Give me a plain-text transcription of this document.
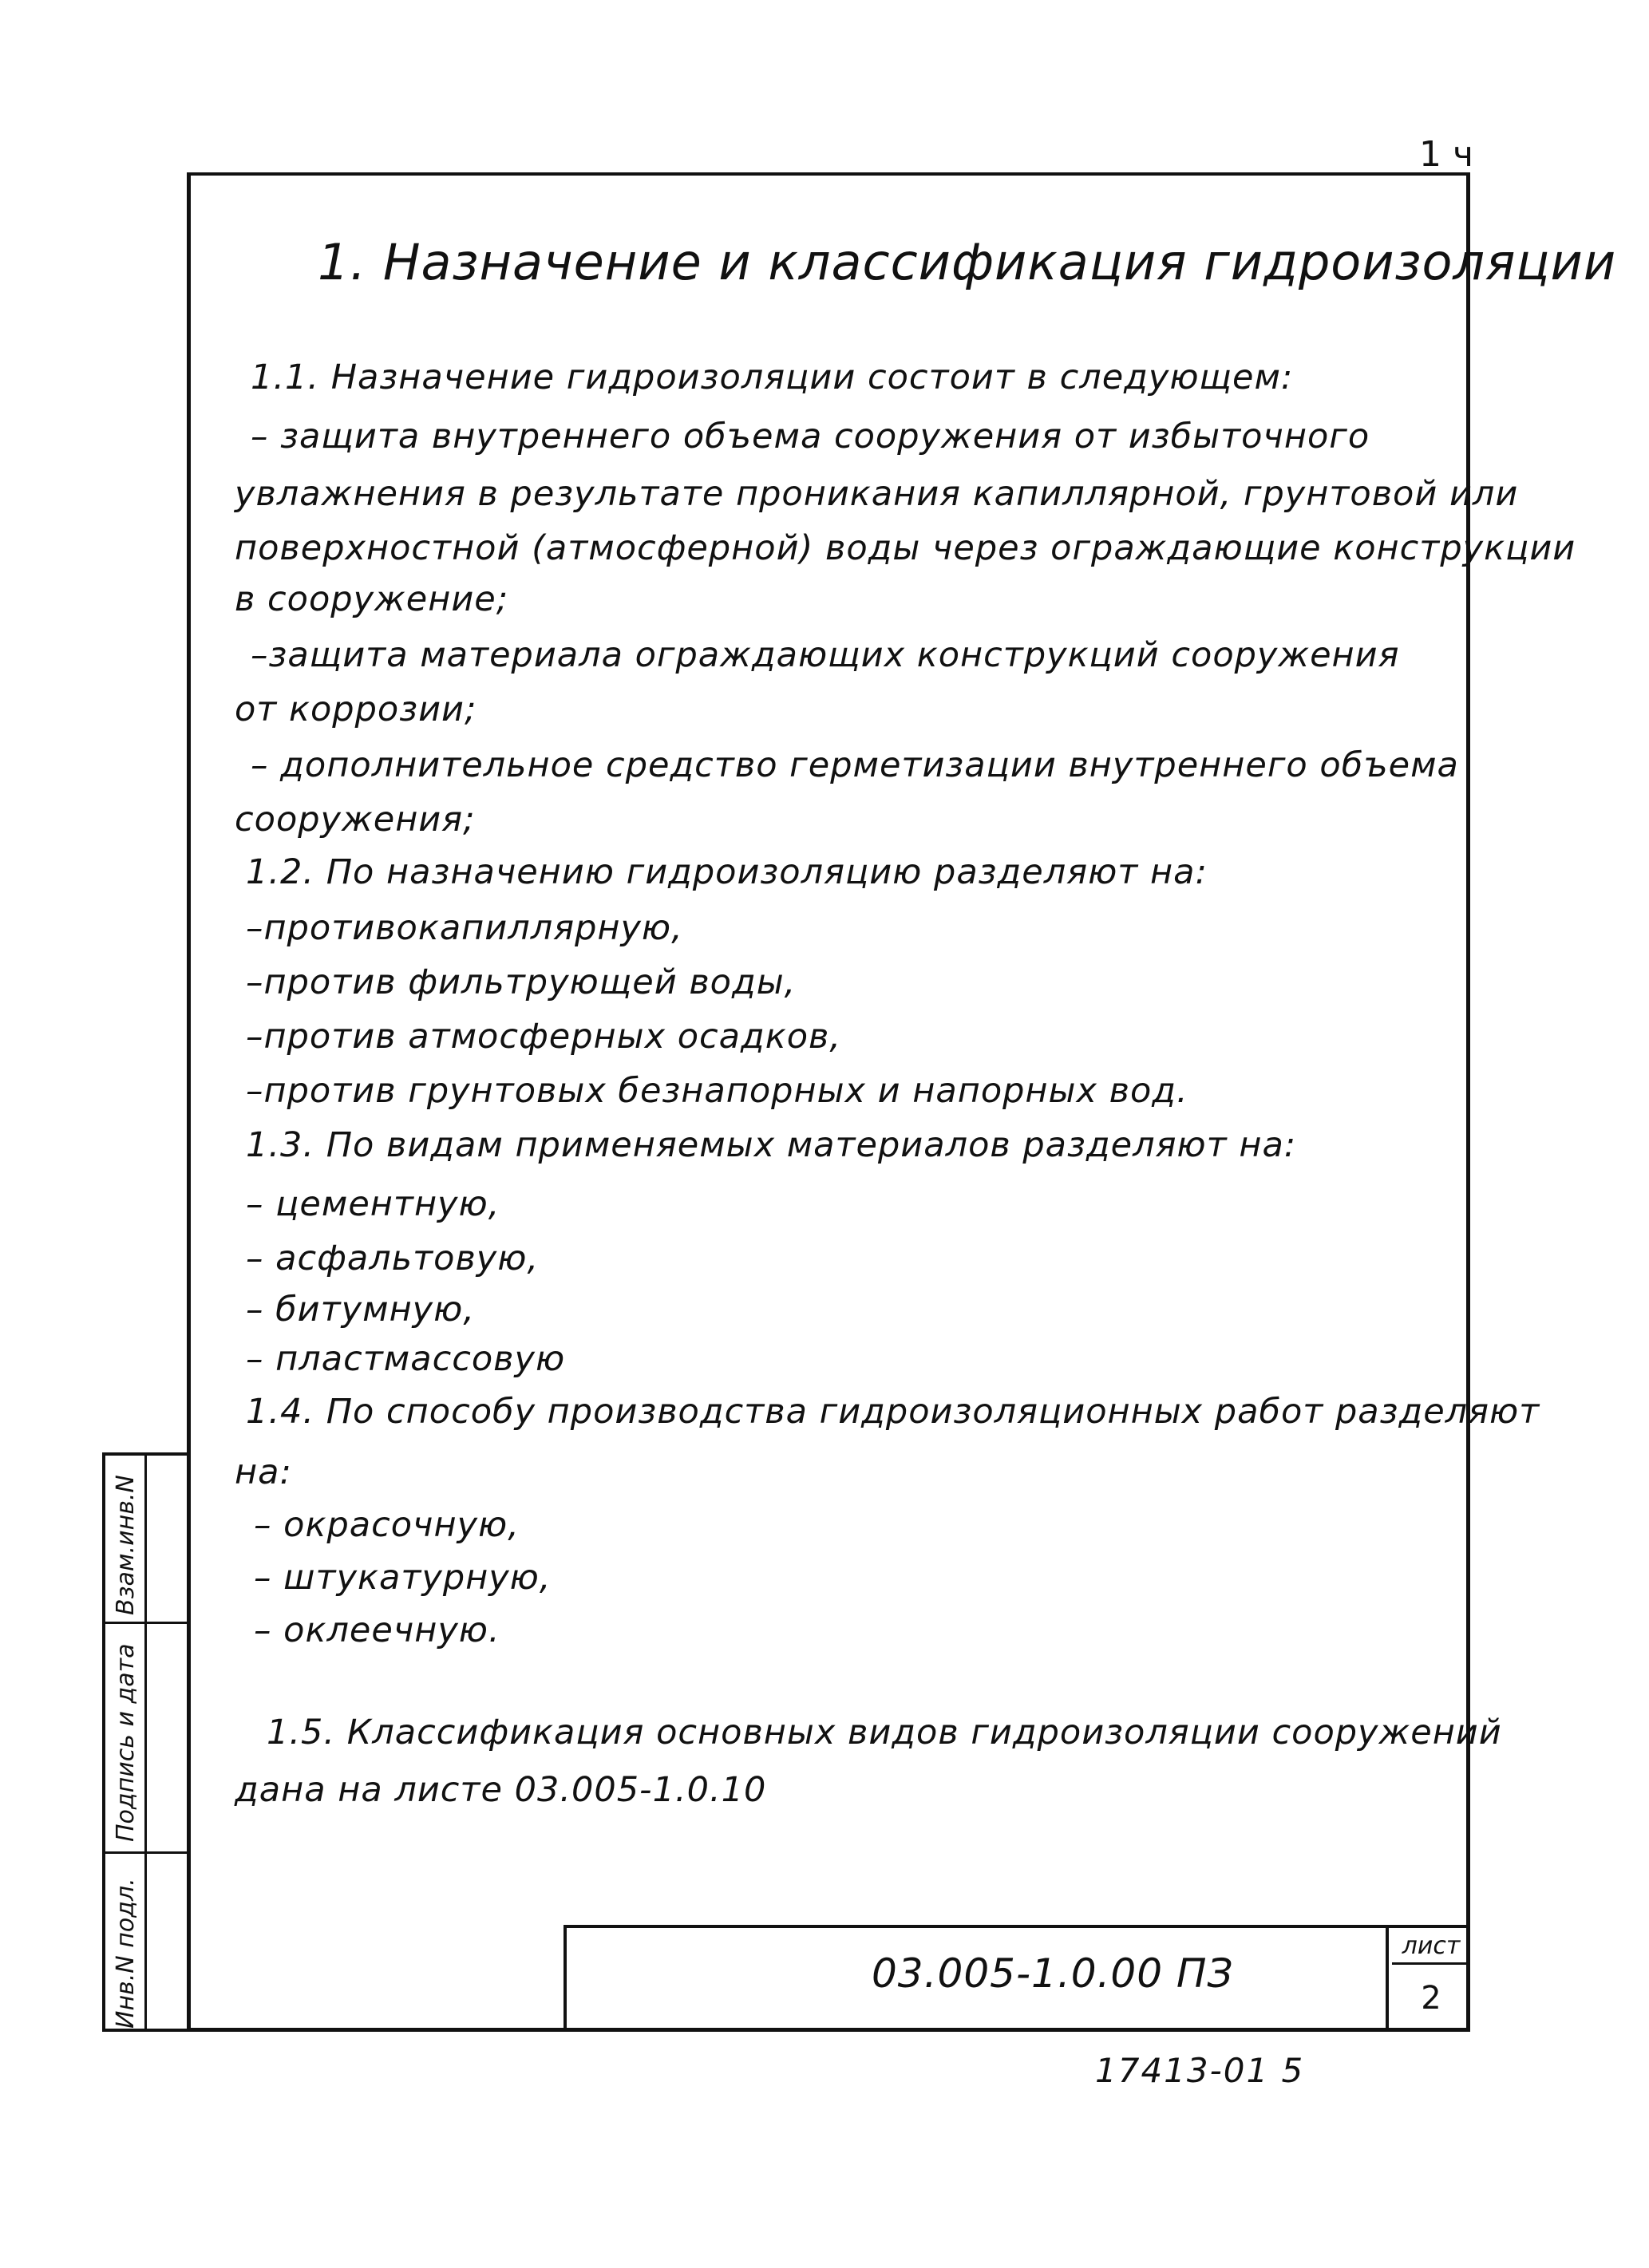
1 ч
1. Назначение и классификация гидроизоляции
1.1. Назначение гидроизоляции состоит в следующем:
– защита внутреннего объема сооружения от избыточного
увлажнения в результате проникания капиллярной, грунтовой или
поверхностной (атмосферной) воды через ограждающие конструкции
в сооружение;
–защита материала ограждающих конструкций сооружения
от коррозии;
– дополнительное средство герметизации внутреннего объема
сооружения;
1.2. По назначению гидроизоляцию разделяют на:
–противокапиллярную,
–против фильтрующей воды,
–против атмосферных осадков,
–против грунтовых безнапорных и напорных вод.
1.3. По видам применяемых материалов разделяют на:
– цементную,
– асфальтовую,
– битумную,
– пластмассовую
1.4. По способу производства гидроизоляционных работ разделяют
на:
– окрасочную,
– штукатурную,
– оклеечную.
1.5. Классификация основных видов гидроизоляции сооружений
дана на листе 03.005-1.0.10
Взам.инв.N
Подпись и дата
Инв.N подл.	03.005-1.0.00 ПЗ
лист
2
17413-01 5
